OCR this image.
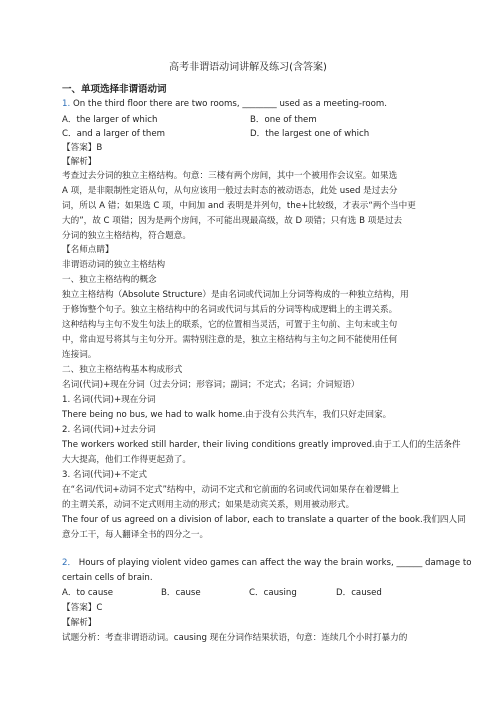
高考非谓语动词讲解及练习(含答案)
一、单项选择非谓语动词
1. On the third floor there are two rooms, ________ used as a meeting-room.
A．the larger of which	B．one of them
C．and a larger of them	D．the largest one of which
【答案】B
【解析】
考查过去分词的独立主格结构。句意：三楼有两个房间，其中一个被用作会议室。如果选
A 项，是非限制性定语从句，从句应该用一般过去时态的被动语态，此处 used 是过去分
词，所以 A 错；如果选 C 项，中间加 and 表明是并列句，the+比较级，才表示“两个当中更
大的”，故 C 项错；因为是两个房间，不可能出现最高级，故 D 项错；只有选 B 项是过去
分词的独立主格结构，符合题意。
【名师点睛】
非谓语动词的独立主格结构
一、独立主格结构的概念
独立主格结构（Absolute Structure）是由名词或代词加上分词等构成的一种独立结构，用
于修饰整个句子。独立主格结构中的名词或代词与其后的分词等构成逻辑上的主谓关系。
这种结构与主句不发生句法上的联系，它的位置相当灵活，可置于主句前、主句末或主句
中，常由逗号将其与主句分开。需特别注意的是，独立主格结构与主句之间不能使用任何
连接词。
二、独立主格结构基本构成形式
名词(代词)+现在分词（过去分词；形容词；副词；不定式；名词；介词短语）
1. 名词(代词)+现在分词
There being no bus, we had to walk home.由于没有公共汽车，我们只好走回家。
2. 名词(代词)+过去分词
The workers worked still harder, their living conditions greatly improved.由于工人们的生活条件
大大提高，他们工作得更起劲了。
3. 名词(代词)+不定式
在“名词/代词+动词不定式”结构中，动词不定式和它前面的名词或代词如果存在着逻辑上
的主谓关系，动词不定式则用主动的形式；如果是动宾关系，则用被动形式。
The four of us agreed on a division of labor, each to translate a quarter of the book.我们四人同
意分工干，每人翻译全书的四分之一。
2． Hours of playing violent video games can affect the way the brain works, ______ damage to
certain cells of brain.
A．to cause	B．cause	C．causing	D．caused
【答案】C
【解析】
试题分析：考查非谓语动词。causing 现在分词作结果状语，句意：连续几个小时打暴力的
